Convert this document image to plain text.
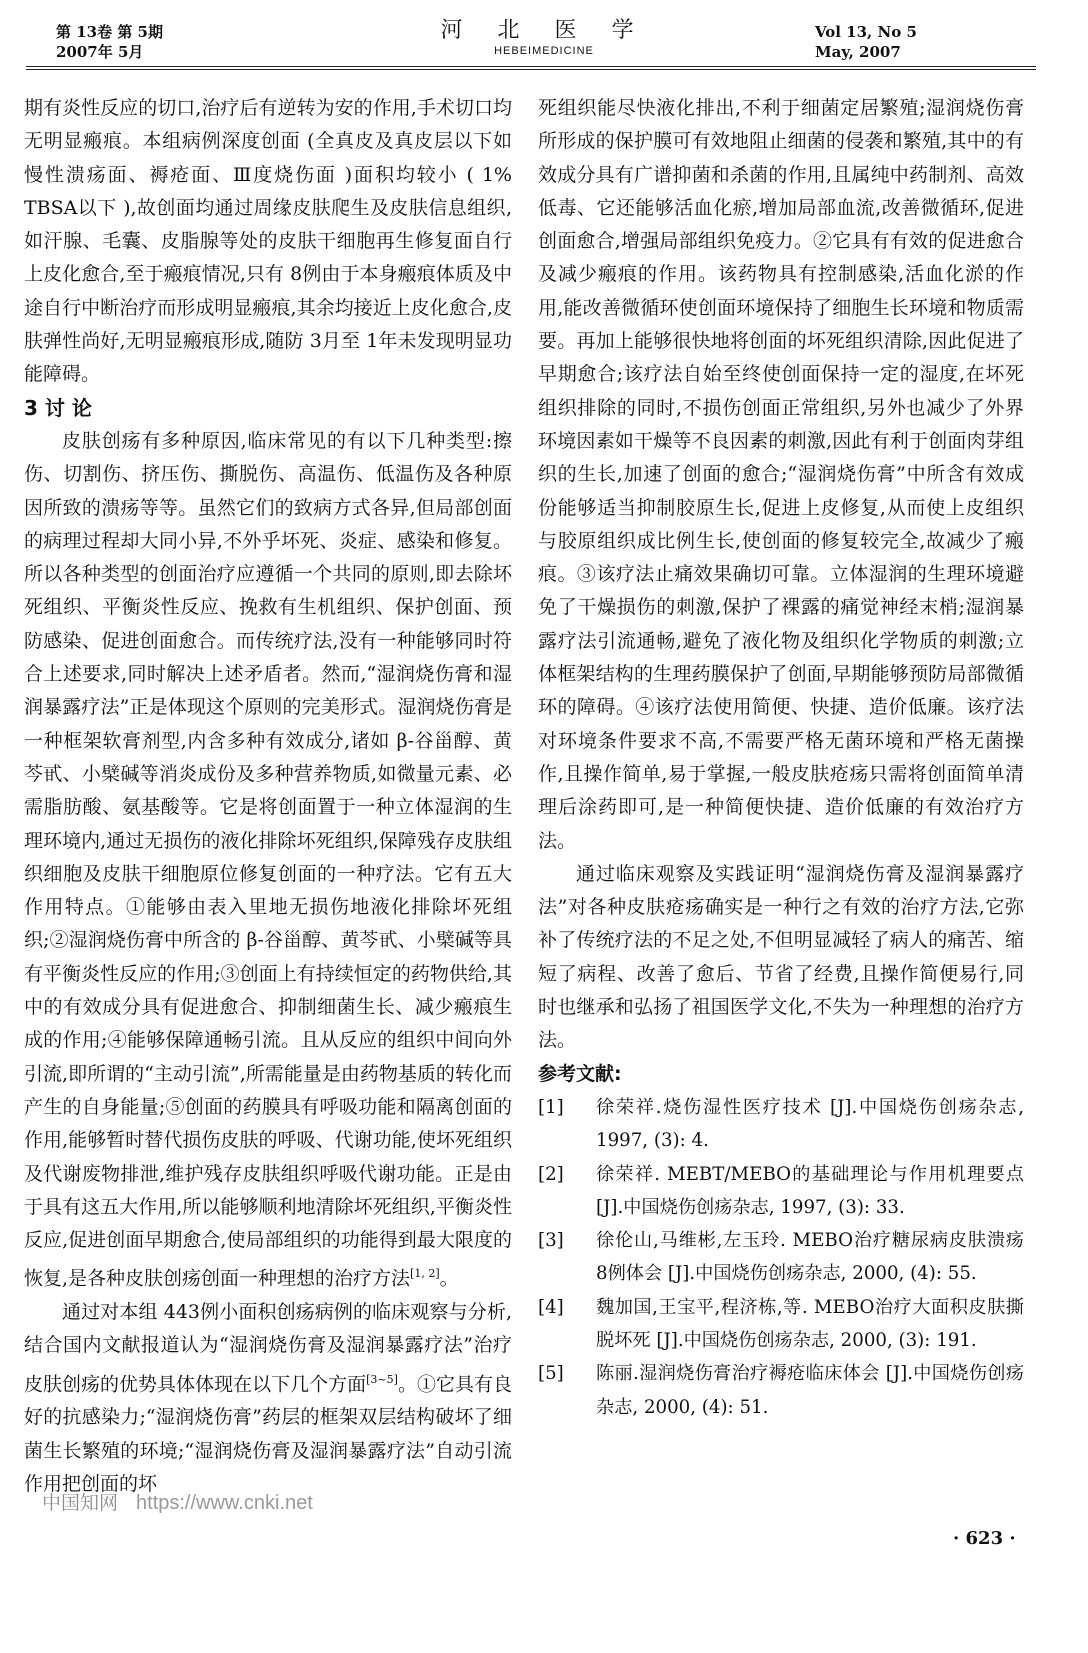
第 13卷 第 5期
2007年 5月
河 北 医 学
HEBEIMEDICINE
Vol 13, No 5
May, 2007

期有炎性反应的切口,治疗后有逆转为安的作用,手术切口均无明显瘢痕。本组病例深度创面 (全真皮及真皮层以下如慢性溃疡面、褥疮面、Ⅲ度烧伤面 )面积均较小 ( 1% TBSA以下 ),故创面均通过周缘皮肤爬生及皮肤信息组织,如汗腺、毛囊、皮脂腺等处的皮肤干细胞再生修复面自行上皮化愈合,至于瘢痕情况,只有 8例由于本身瘢痕体质及中途自行中断治疗而形成明显瘢痕,其余均接近上皮化愈合,皮肤弹性尚好,无明显瘢痕形成,随防 3月至 1年未发现明显功能障碍。

3 讨 论

皮肤创疡有多种原因,临床常见的有以下几种类型:擦伤、切割伤、挤压伤、撕脱伤、高温伤、低温伤及各种原因所致的溃疡等等。虽然它们的致病方式各异,但局部创面的病理过程却大同小异,不外乎坏死、炎症、感染和修复。所以各种类型的创面治疗应遵循一个共同的原则,即去除坏死组织、平衡炎性反应、挽救有生机组织、保护创面、预防感染、促进创面愈合。而传统疗法,没有一种能够同时符合上述要求,同时解决上述矛盾者。然而,“湿润烧伤膏和湿润暴露疗法”正是体现这个原则的完美形式。湿润烧伤膏是一种框架软膏剂型,内含多种有效成分,诸如 β-谷甾醇、黄芩甙、小檗碱等消炎成份及多种营养物质,如微量元素、必需脂肪酸、氨基酸等。它是将创面置于一种立体湿润的生理环境内,通过无损伤的液化排除坏死组织,保障残存皮肤组织细胞及皮肤干细胞原位修复创面的一种疗法。它有五大作用特点。①能够由表入里地无损伤地液化排除坏死组织;②湿润烧伤膏中所含的 β-谷甾醇、黄芩甙、小檗碱等具有平衡炎性反应的作用;③创面上有持续恒定的药物供给,其中的有效成分具有促进愈合、抑制细菌生长、减少瘢痕生成的作用;④能够保障通畅引流。且从反应的组织中间向外引流,即所谓的“主动引流”,所需能量是由药物基质的转化而产生的自身能量;⑤创面的药膜具有呼吸功能和隔离创面的作用,能够暂时替代损伤皮肤的呼吸、代谢功能,使坏死组织及代谢废物排泄,维护残存皮肤组织呼吸代谢功能。正是由于具有这五大作用,所以能够顺利地清除坏死组织,平衡炎性反应,促进创面早期愈合,使局部组织的功能得到最大限度的恢复,是各种皮肤创疡创面一种理想的治疗方法[1, 2]。

通过对本组 443例小面积创疡病例的临床观察与分析,结合国内文献报道认为“湿润烧伤膏及湿润暴露疗法”治疗皮肤创疡的优势具体体现在以下几个方面[3~5]。①它具有良好的抗感染力;“湿润烧伤膏”药层的框架双层结构破坏了细菌生长繁殖的环境;“湿润烧伤膏及湿润暴露疗法”自动引流作用把创面的坏

死组织能尽快液化排出,不利于细菌定居繁殖;湿润烧伤膏所形成的保护膜可有效地阻止细菌的侵袭和繁殖,其中的有效成分具有广谱抑菌和杀菌的作用,且属纯中药制剂、高效低毒、它还能够活血化瘀,增加局部血流,改善微循环,促进创面愈合,增强局部组织免疫力。②它具有有效的促进愈合及减少瘢痕的作用。该药物具有控制感染,活血化淤的作用,能改善微循环使创面环境保持了细胞生长环境和物质需要。再加上能够很快地将创面的坏死组织清除,因此促进了早期愈合;该疗法自始至终使创面保持一定的湿度,在坏死组织排除的同时,不损伤创面正常组织,另外也减少了外界环境因素如干燥等不良因素的刺激,因此有利于创面肉芽组织的生长,加速了创面的愈合;“湿润烧伤膏”中所含有效成份能够适当抑制胶原生长,促进上皮修复,从而使上皮组织与胶原组织成比例生长,使创面的修复较完全,故减少了瘢痕。③该疗法止痛效果确切可靠。立体湿润的生理环境避免了干燥损伤的刺激,保护了裸露的痛觉神经末梢;湿润暴露疗法引流通畅,避免了液化物及组织化学物质的刺激;立体框架结构的生理药膜保护了创面,早期能够预防局部微循环的障碍。④该疗法使用简便、快捷、造价低廉。该疗法对环境条件要求不高,不需要严格无菌环境和严格无菌操作,且操作简单,易于掌握,一般皮肤疮疡只需将创面简单清理后涂药即可,是一种简便快捷、造价低廉的有效治疗方法。

通过临床观察及实践证明“湿润烧伤膏及湿润暴露疗法”对各种皮肤疮疡确实是一种行之有效的治疗方法,它弥补了传统疗法的不足之处,不但明显减轻了病人的痛苦、缩短了病程、改善了愈后、节省了经费,且操作简便易行,同时也继承和弘扬了祖国医学文化,不失为一种理想的治疗方法。

参考文献:
[1]	徐荣祥.烧伤湿性医疗技术 [J].中国烧伤创疡杂志, 1997, (3): 4.
[2]	徐荣祥. MEBT/MEBO的基础理论与作用机理要点 [J].中国烧伤创疡杂志, 1997, (3): 33.
[3]	徐伦山,马维彬,左玉玲. MEBO治疗糖尿病皮肤溃疡 8例体会 [J].中国烧伤创疡杂志, 2000, (4): 55.
[4]	魏加国,王宝平,程济栋,等. MEBO治疗大面积皮肤撕脱坏死 [J].中国烧伤创疡杂志, 2000, (3): 191.
[5]	陈丽.湿润烧伤膏治疗褥疮临床体会 [J].中国烧伤创疡杂志, 2000, (4): 51.
中国知网 https://www.cnki.net
· 623 ·
